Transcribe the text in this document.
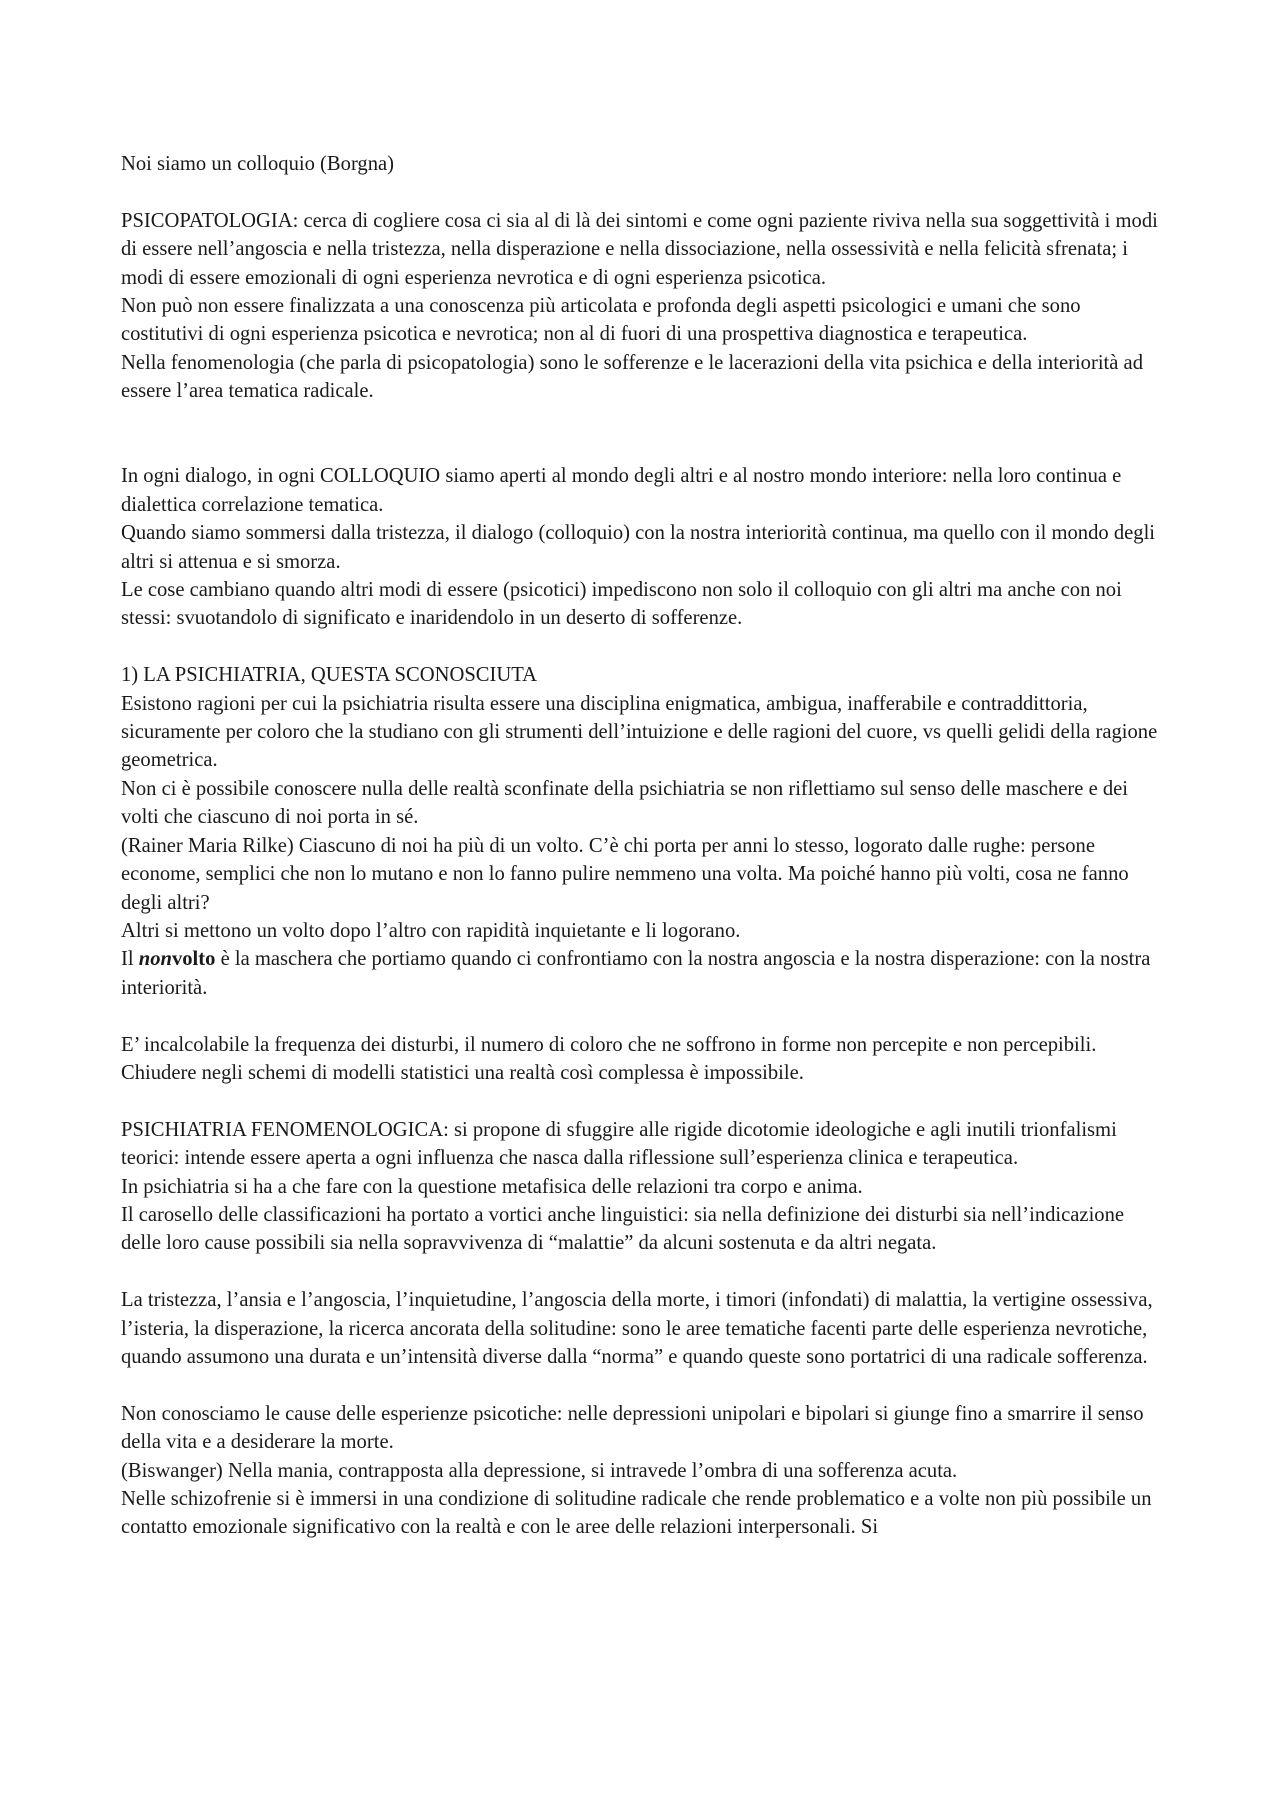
Noi siamo un colloquio (Borgna)

PSICOPATOLOGIA: cerca di cogliere cosa ci sia al di là dei sintomi e come ogni paziente riviva nella sua soggettività i modi di essere nell’angoscia e nella tristezza, nella disperazione e nella dissociazione, nella ossessività e nella felicità sfrenata; i modi di essere emozionali di ogni esperienza nevrotica e di ogni esperienza psicotica.

Non può non essere finalizzata a una conoscenza più articolata e profonda degli aspetti psicologici e umani che sono costitutivi di ogni esperienza psicotica e nevrotica; non al di fuori di una prospettiva diagnostica e terapeutica.

Nella fenomenologia (che parla di psicopatologia) sono le sofferenze e le lacerazioni della vita psichica e della interiorità ad essere l’area tematica radicale.

In ogni dialogo, in ogni COLLOQUIO siamo aperti al mondo degli altri e al nostro mondo interiore: nella loro continua e dialettica correlazione tematica.

Quando siamo sommersi dalla tristezza, il dialogo (colloquio) con la nostra interiorità continua, ma quello con il mondo degli altri si attenua e si smorza.

Le cose cambiano quando altri modi di essere (psicotici) impediscono non solo il colloquio con gli altri ma anche con noi stessi: svuotandolo di significato e inaridendolo in un deserto di sofferenze.

1) LA PSICHIATRIA, QUESTA SCONOSCIUTA

Esistono ragioni per cui la psichiatria risulta essere una disciplina enigmatica, ambigua, inafferabile e contraddittoria, sicuramente per coloro che la studiano con gli strumenti dell’intuizione e delle ragioni del cuore, vs quelli gelidi della ragione geometrica.

Non ci è possibile conoscere nulla delle realtà sconfinate della psichiatria se non riflettiamo sul senso delle maschere e dei volti che ciascuno di noi porta in sé.

(Rainer Maria Rilke) Ciascuno di noi ha più di un volto. C’è chi porta per anni lo stesso, logorato dalle rughe: persone econome, semplici che non lo mutano e non lo fanno pulire nemmeno una volta. Ma poiché hanno più volti, cosa ne fanno degli altri?

Altri si mettono un volto dopo l’altro con rapidità inquietante e li logorano.

Il nonvolto è la maschera che portiamo quando ci confrontiamo con la nostra angoscia e la nostra disperazione: con la nostra interiorità.

E’ incalcolabile la frequenza dei disturbi, il numero di coloro che ne soffrono in forme non percepite e non percepibili. Chiudere negli schemi di modelli statistici una realtà così complessa è impossibile.

PSICHIATRIA FENOMENOLOGICA: si propone di sfuggire alle rigide dicotomie ideologiche e agli inutili trionfalismi teorici: intende essere aperta a ogni influenza che nasca dalla riflessione sull’esperienza clinica e terapeutica.

In psichiatria si ha a che fare con la questione metafisica delle relazioni tra corpo e anima.

Il carosello delle classificazioni ha portato a vortici anche linguistici: sia nella definizione dei disturbi sia nell’indicazione delle loro cause possibili sia nella sopravvivenza di “malattie” da alcuni sostenuta e da altri negata.

La tristezza, l’ansia e l’angoscia, l’inquietudine, l’angoscia della morte, i timori (infondati) di malattia, la vertigine ossessiva, l’isteria, la disperazione, la ricerca ancorata della solitudine: sono le aree tematiche facenti parte delle esperienza nevrotiche, quando assumono una durata e un’intensità diverse dalla “norma” e quando queste sono portatrici di una radicale sofferenza.

Non conosciamo le cause delle esperienze psicotiche: nelle depressioni unipolari e bipolari si giunge fino a smarrire il senso della vita e a desiderare la morte.

(Biswanger) Nella mania, contrapposta alla depressione, si intravede l’ombra di una sofferenza acuta.

Nelle schizofrenie si è immersi in una condizione di solitudine radicale che rende problematico e a volte non più possibile un contatto emozionale significativo con la realtà e con le aree delle relazioni interpersonali. Si
